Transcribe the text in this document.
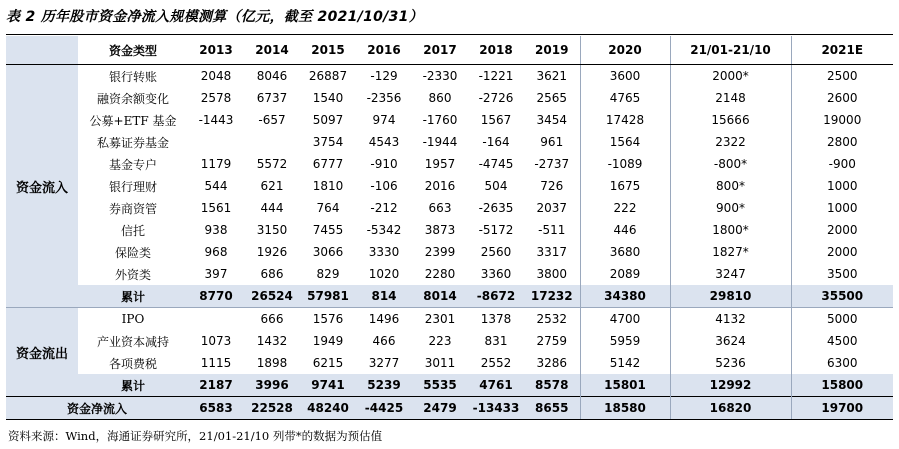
表 2 历年股市资金净流入规模测算（亿元，截至 2021/10/31）
	资金类型	2013	2014	2015	2016	2017	2018	2019	2020	21/01-21/10	2021E
资金流入	银行转账	2048	8046	26887	-129	-2330	-1221	3621	3600	2000*	2500
	融资余额变化	2578	6737	1540	-2356	860	-2726	2565	4765	2148	2600
	公募+ETF 基金	-1443	-657	5097	974	-1760	1567	3454	17428	15666	19000
	私募证券基金			3754	4543	-1944	-164	961	1564	2322	2800
	基金专户	1179	5572	6777	-910	1957	-4745	-2737	-1089	-800*	-900
	银行理财	544	621	1810	-106	2016	504	726	1675	800*	1000
	券商资管	1561	444	764	-212	663	-2635	2037	222	900*	1000
	信托	938	3150	7455	-5342	3873	-5172	-511	446	1800*	2000
	保险类	968	1926	3066	3330	2399	2560	3317	3680	1827*	2000
	外资类	397	686	829	1020	2280	3360	3800	2089	3247	3500
	累计	8770	26524	57981	814	8014	-8672	17232	34380	29810	35500
资金流出	IPO		666	1576	1496	2301	1378	2532	4700	4132	5000
	产业资本减持	1073	1432	1949	466	223	831	2759	5959	3624	4500
	各项费税	1115	1898	6215	3277	3011	2552	3286	5142	5236	6300
	累计	2187	3996	9741	5239	5535	4761	8578	15801	12992	15800
资金净流入		6583	22528	48240	-4425	2479	-13433	8655	18580	16820	19700
资料来源：Wind，海通证券研究所，21/01-21/10 列带*的数据为预估值
